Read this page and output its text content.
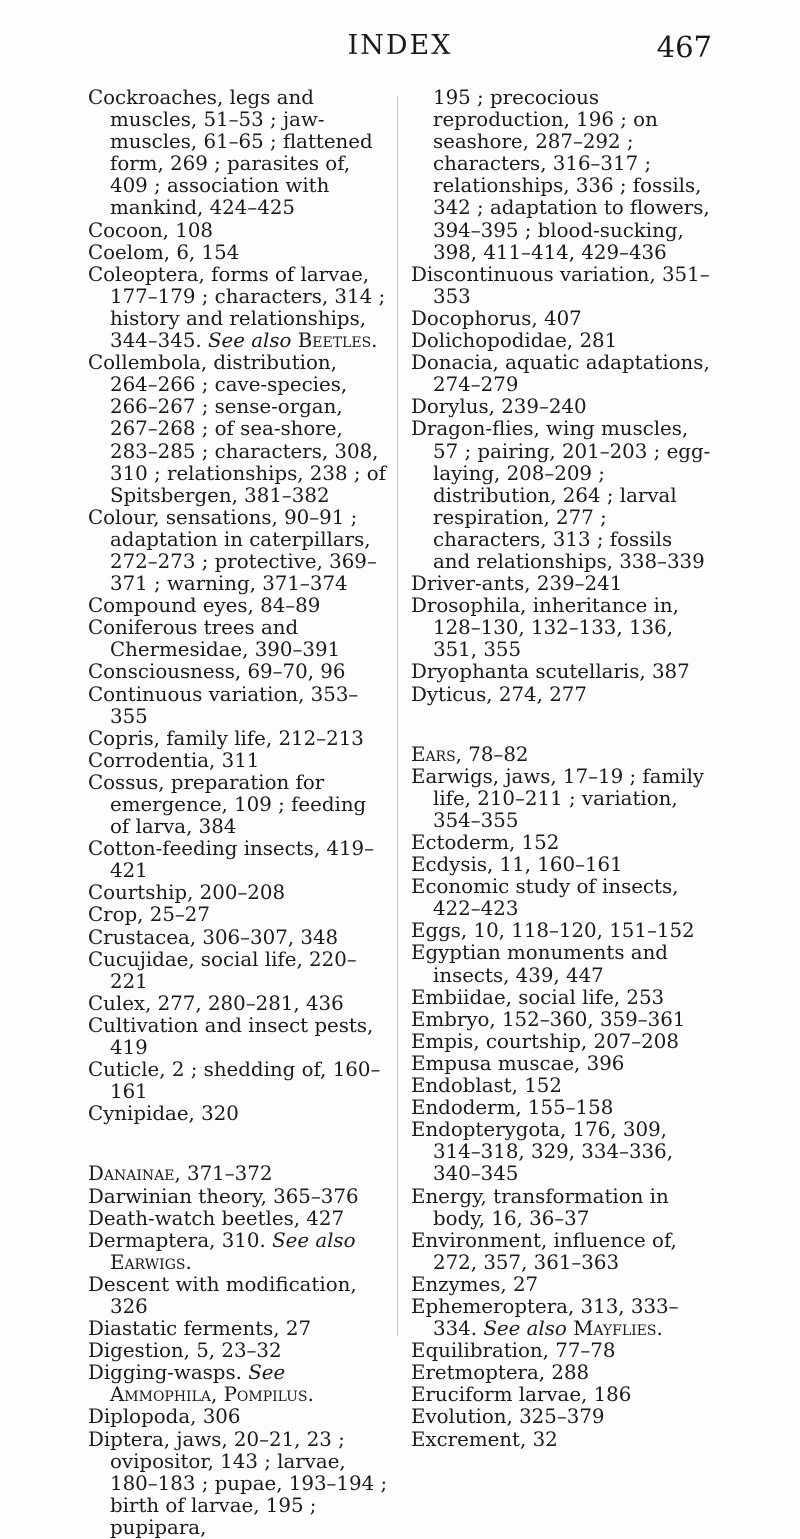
INDEX	467

Cockroaches, legs and muscles, 51–53 ; jaw-muscles, 61–65 ; flattened form, 269 ; parasites of, 409 ; association with mankind, 424–425

Cocoon, 108

Coelom, 6, 154

Coleoptera, forms of larvae, 177–179 ; characters, 314 ; history and relationships, 344–345. See also Beetles.

Collembola, distribution, 264–266 ; cave-species, 266–267 ; sense-organ, 267–268 ; of sea-shore, 283–285 ; characters, 308, 310 ; relationships, 238 ; of Spitsbergen, 381–382

Colour, sensations, 90–91 ; adaptation in caterpillars, 272–273 ; protective, 369–371 ; warning, 371–374

Compound eyes, 84–89

Coniferous trees and Chermesidae, 390–391

Consciousness, 69–70, 96

Continuous variation, 353–355

Copris, family life, 212–213

Corrodentia, 311

Cossus, preparation for emergence, 109 ; feeding of larva, 384

Cotton-feeding insects, 419–421

Courtship, 200–208

Crop, 25–27

Crustacea, 306–307, 348

Cucujidae, social life, 220–221

Culex, 277, 280–281, 436

Cultivation and insect pests, 419

Cuticle, 2 ; shedding of, 160–161

Cynipidae, 320

Danainae, 371–372

Darwinian theory, 365–376

Death-watch beetles, 427

Dermaptera, 310. See also Earwigs.

Descent with modification, 326

Diastatic ferments, 27

Digestion, 5, 23–32

Digging-wasps. See Ammophila, Pompilus.

Diplopoda, 306

Diptera, jaws, 20–21, 23 ; ovipositor, 143 ; larvae, 180–183 ; pupae, 193–194 ; birth of larvae, 195 ; pupipara,

195 ; precocious reproduction, 196 ; on seashore, 287–292 ; characters, 316–317 ; relationships, 336 ; fossils, 342 ; adaptation to flowers, 394–395 ; blood-sucking, 398, 411–414, 429–436

Discontinuous variation, 351–353

Docophorus, 407

Dolichopodidae, 281

Donacia, aquatic adaptations, 274–279

Dorylus, 239–240

Dragon-flies, wing muscles, 57 ; pairing, 201–203 ; egg-laying, 208–209 ; distribution, 264 ; larval respiration, 277 ; characters, 313 ; fossils and relationships, 338–339

Driver-ants, 239–241

Drosophila, inheritance in, 128–130, 132–133, 136, 351, 355

Dryophanta scutellaris, 387

Dyticus, 274, 277

Ears, 78–82

Earwigs, jaws, 17–19 ; family life, 210–211 ; variation, 354–355

Ectoderm, 152

Ecdysis, 11, 160–161

Economic study of insects, 422–423

Eggs, 10, 118–120, 151–152

Egyptian monuments and insects, 439, 447

Embiidae, social life, 253

Embryo, 152–360, 359–361

Empis, courtship, 207–208

Empusa muscae, 396

Endoblast, 152

Endoderm, 155–158

Endopterygota, 176, 309, 314–318, 329, 334–336, 340–345

Energy, transformation in body, 16, 36–37

Environment, influence of, 272, 357, 361–363

Enzymes, 27

Ephemeroptera, 313, 333–334. See also Mayflies.

Equilibration, 77–78

Eretmoptera, 288

Eruciform larvae, 186

Evolution, 325–379

Excrement, 32
